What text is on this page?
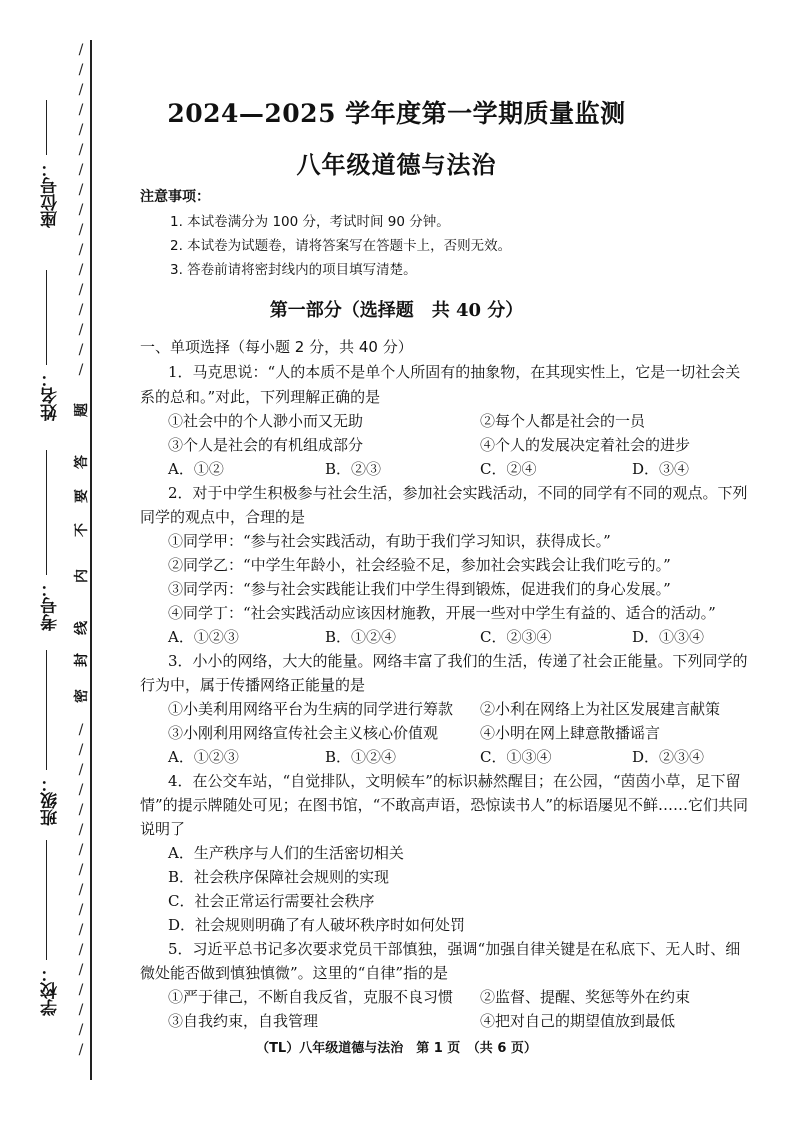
座位号：
姓名：
考号：
班级：
学校：
/
/
/
/
/
/
/
/
/
/
/
/
/
/
/
/
/
题
答
要
不
内
线
封
密
/
/
/
/
/
/
/
/
/
/
/
/
/
/
/
/
/
2024—2025 学年度第一学期质量监测
八年级道德与法治
注意事项：
1. 本试卷满分为 100 分，考试时间 90 分钟。
2. 本试卷为试题卷，请将答案写在答题卡上，否则无效。
3. 答卷前请将密封线内的项目填写清楚。
第一部分（选择题　共 40 分）
一、单项选择（每小题 2 分，共 40 分）
1．马克思说：“人的本质不是单个人所固有的抽象物，在其现实性上，它是一切社会关
系的总和。”对此，下列理解正确的是
①社会中的个人渺小而又无助	②每个人都是社会的一员
③个人是社会的有机组成部分	④个人的发展决定着社会的进步
A．①②	B．②③	C．②④	D．③④
2．对于中学生积极参与社会生活，参加社会实践活动，不同的同学有不同的观点。下列
同学的观点中，合理的是
①同学甲：“参与社会实践活动，有助于我们学习知识，获得成长。”
②同学乙：“中学生年龄小，社会经验不足，参加社会实践会让我们吃亏的。”
③同学丙：“参与社会实践能让我们中学生得到锻炼，促进我们的身心发展。”
④同学丁：“社会实践活动应该因材施教，开展一些对中学生有益的、适合的活动。”
A．①②③	B．①②④	C．②③④	D．①③④
3．小小的网络，大大的能量。网络丰富了我们的生活，传递了社会正能量。下列同学的
行为中，属于传播网络正能量的是
①小美利用网络平台为生病的同学进行筹款 ②小利在网络上为社区发展建言献策
③小刚利用网络宣传社会主义核心价值观	④小明在网上肆意散播谣言
A．①②③	B．①②④	C．①③④	D．②③④
4．在公交车站，“自觉排队，文明候车”的标识赫然醒目；在公园，“茵茵小草，足下留
情”的提示牌随处可见；在图书馆，“不敢高声语，恐惊读书人”的标语屡见不鲜……它们共同
说明了
A．生产秩序与人们的生活密切相关
B．社会秩序保障社会规则的实现
C．社会正常运行需要社会秩序
D．社会规则明确了有人破坏秩序时如何处罚
5．习近平总书记多次要求党员干部慎独，强调“加强自律关键是在私底下、无人时、细
微处能否做到慎独慎微”。这里的“自律”指的是
①严于律己，不断自我反省，克服不良习惯 ②监督、提醒、奖惩等外在约束
③自我约束，自我管理	④把对自己的期望值放到最低
（TL）八年级道德与法治　第 1 页　（共 6 页）
